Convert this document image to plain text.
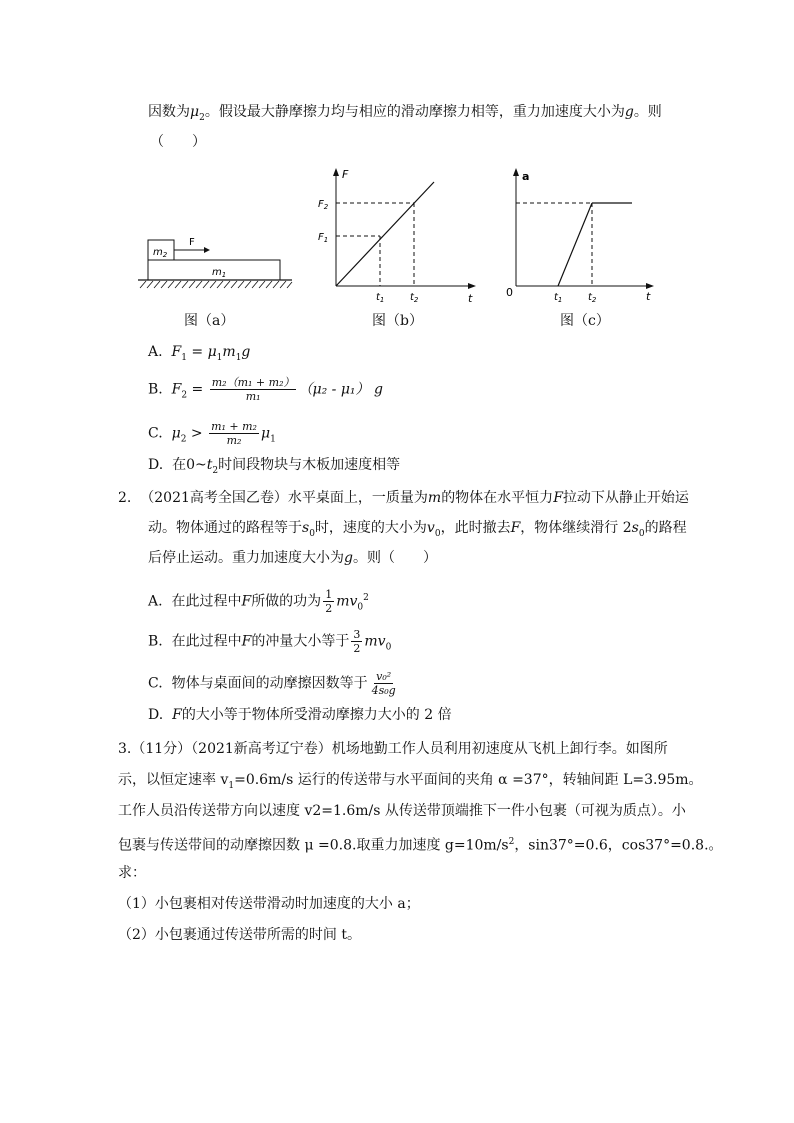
因数为$\mu_2$。假设最大静摩擦力均与相应的滑动摩擦力相等，重力加速度大小为g。则
（　　）
$m_2$
F
$m_1$
图（a）
F
t
$F_2$
$F_1$
$t_1$	$t_2$
图（b）
a
t
0	$t_1$	$t_2$
图（c）
A. $F_1 = \mu_1m_1g$
B. $F_2 = \frac{\text{m₂（m₁ + m₂）}}{\text{m₁}} (\mu_2 - \mu_1)$ g
C. $\mu_2 > \frac{\text{m₁ + m₂}}{\text{m₂}} \mu_1$
D. 在$0\sim t_2$时间段物块与木板加速度相等
2. （2021高考全国乙卷）水平桌面上，一质量为m的物体在水平恒力F拉动下从静止开始运
动。物体通过的路程等于$s_0$时，速度的大小为$v_0$，此时撤去F，物体继续滑行 $2s_0$的路程
后停止运动。重力加速度大小为g。则（　　）
A. 在此过程中F所做的功为 $\frac{1}{2} mv_0^2$
B. 在此过程中F的冲量大小等于 $\frac{3}{2} mv_0$
C. 物体与桌面间的动摩擦因数等于 $\frac{\text{v₀²}}{\text{4s₀g}}$
D. F的大小等于物体所受滑动摩擦力大小的 2 倍
3.（11分）（2021新高考辽宁卷）机场地勤工作人员利用初速度从飞机上卸行李。如图所
示，以恒定速率 $v_1=0.6m/s$ 运行的传送带与水平面间的夹角 α =37°，转轴间距 L=3.95m。
工作人员沿传送带方向以速度 v2=1.6m/s 从传送带顶端推下一件小包裹（可视为质点）。小
包裹与传送带间的动摩擦因数 μ =0.8.取重力加速度 $g=10m/s^2$，sin37°=0.6，cos37°=0.8.。
求：
（1）小包裹相对传送带滑动时加速度的大小 a；
（2）小包裹通过传送带所需的时间 t。
